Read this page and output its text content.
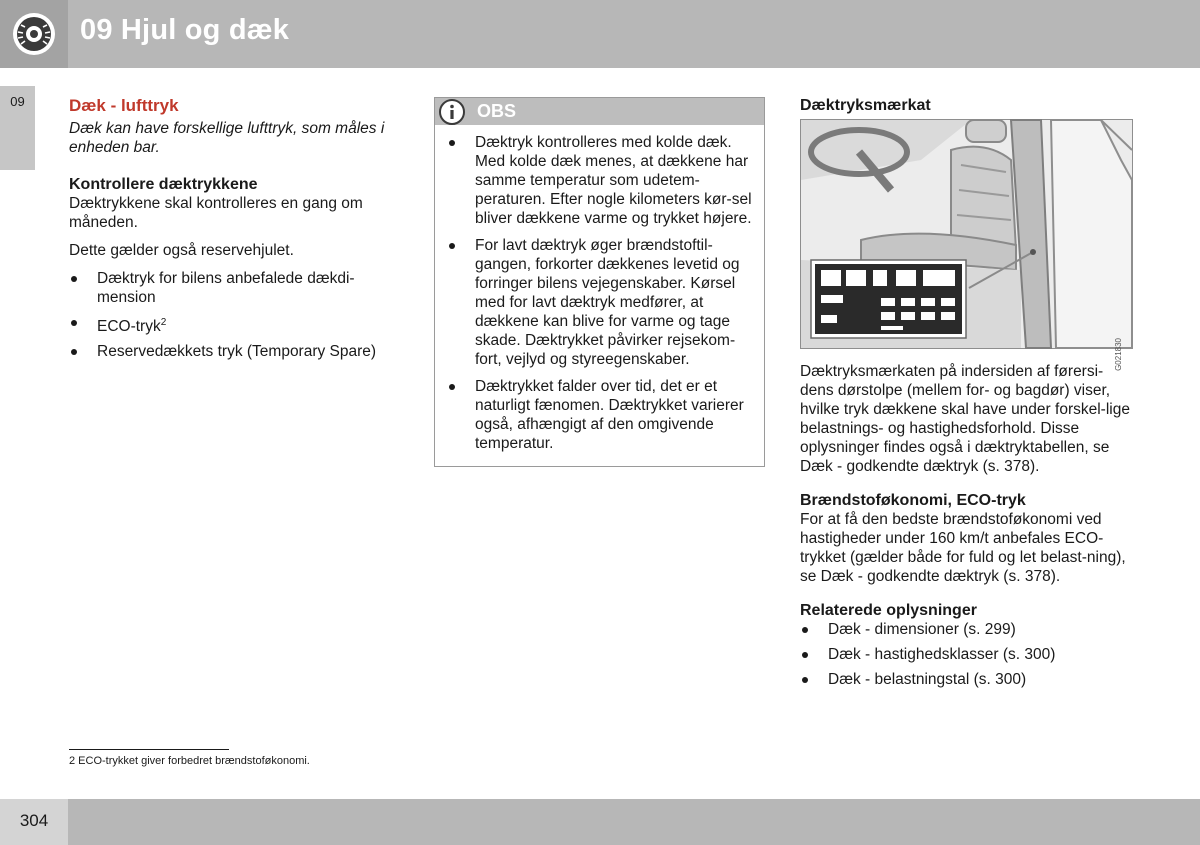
09 Hjul og dæk
09	Dæk - lufttryk

Dæk kan have forskellige lufttryk, som måles i enheden bar.

Kontrollere dæktrykkene

Dæktrykkene skal kontrolleres en gang om måneden.

Dette gælder også reservehjulet.

Dæktryk for bilens anbefalede dækdi-mension
ECO-tryk$^2$
Reservedækkets tryk (Temporary Spare)
OBS
Dæktryk kontrolleres med kolde dæk. Med kolde dæk menes, at dækkene har samme temperatur som udetem-peraturen. Efter nogle kilometers kør-sel bliver dækkene varme og trykket højere.
For lavt dæktryk øger brændstoftil-gangen, forkorter dækkenes levetid og forringer bilens vejegenskaber. Kørsel med for lavt dæktryk medfører, at dækkene kan blive for varme og tage skade. Dæktrykket påvirker rejsekom-fort, vejlyd og styreegenskaber.
Dæktrykket falder over tid, det er et naturligt fænomen. Dæktrykket varierer også, afhængigt af den omgivende temperatur.
Dæktryksmærkat
G021830

Dæktryksmærkaten på indersiden af førersi-dens dørstolpe (mellem for- og bagdør) viser, hvilke tryk dækkene skal have under forskel-lige belastnings- og hastighedsforhold. Disse oplysninger findes også i dæktryktabellen, se Dæk - godkendte dæktryk (s. 378).

Brændstoføkonomi, ECO-tryk

For at få den bedste brændstoføkonomi ved hastigheder under 160 km/t anbefales ECO-trykket (gælder både for fuld og let belast-ning), se Dæk - godkendte dæktryk (s. 378).

Relaterede oplysninger
Dæk - dimensioner (s. 299)
Dæk - hastighedsklasser (s. 300)
Dæk - belastningstal (s. 300)
2 ECO-trykket giver forbedret brændstoføkonomi.
304
